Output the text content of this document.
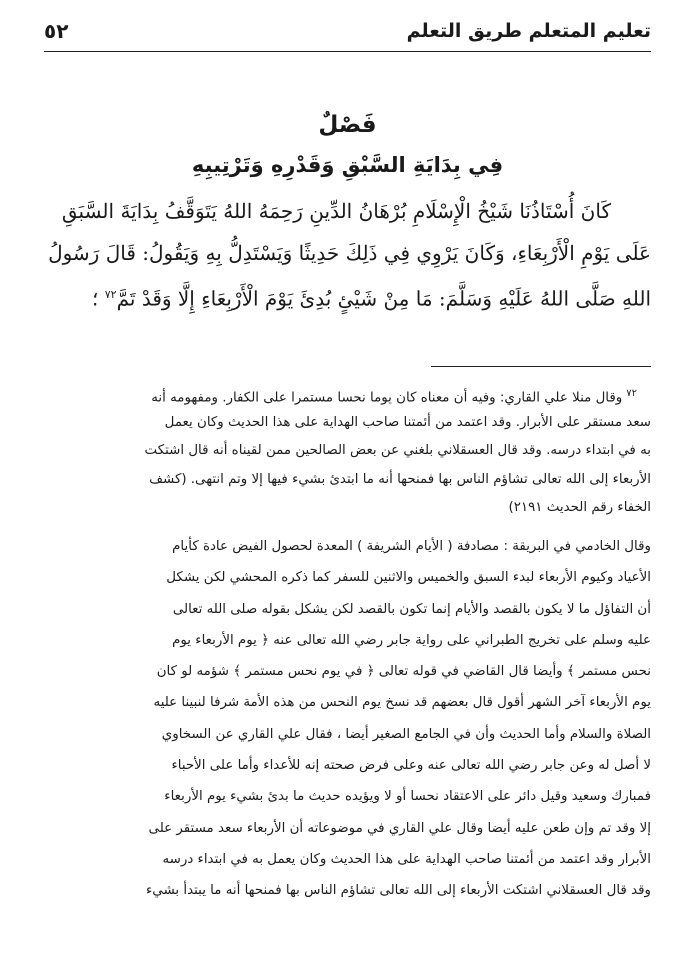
تعليم المتعلم طريق التعلم
٥٢
فَصْلٌ
فِي بِدَايَةِ السَّبْقِ وَقَدْرِهِ وَتَرْتِيبِهِ
كَانَ أُسْتَاذُنَا شَيْخُ الْإِسْلَامِ بُرْهَانُ الدِّينِ رَحِمَهُ اللهُ يَتَوَقَّفُ بِدَايَةَ السَّبَقِ
عَلَى يَوْمِ الْأَرْبِعَاءِ، وَكَانَ يَرْوِي فِي ذَلِكَ حَدِيثًا وَيَسْتَدِلُّ بِهِ وَيَقُولُ: قَالَ رَسُولُ
اللهِ صَلَّى اللهُ عَلَيْهِ وَسَلَّمَ: مَا مِنْ شَيْئٍ بُدِئَ يَوْمَ الْأَرْبِعَاءِ إِلَّا وَقَدْ تَمَّ$^{٧٢}$ ؛
$^{٧٢}$وقال منلا علي القاري: وفيه أن معناه كان يوما نحسا مستمرا على الكفار. ومفهومه أنه
سعد مستقر على الأبرار. وقد اعتمد من أئمتنا صاحب الهداية على هذا الحديث وكان يعمل
به في ابتداء درسه. وقد قال العسقلاني بلغني عن بعض الصالحين ممن لقيناه أنه قال اشتكت
الأربعاء إلى الله تعالى تشاؤم الناس بها فمنحها أنه ما ابتدئ بشيء فيها إلا وتم انتهى. (كشف
الخفاء رقم الحديث ٢١٩١)
وقال الخادمي في البريقة : مصادفة ( الأيام الشريفة ) المعدة لحصول الفيض عادة كأيام
الأعياد وكيوم الأربعاء لبدء السبق والخميس والاثنين للسفر كما ذكره المحشي لكن يشكل
أن التفاؤل ما لا يكون بالقصد والأيام إنما تكون بالقصد لكن يشكل بقوله صلى الله تعالى
عليه وسلم على تخريج الطبراني على رواية جابر رضي الله تعالى عنه ﴿ يوم الأربعاء يوم
نحس مستمر ﴾ وأيضا قال القاضي في قوله تعالى ﴿ في يوم نحس مستمر ﴾ شؤمه لو كان
يوم الأربعاء آخر الشهر أقول قال بعضهم قد نسخ يوم النحس من هذه الأمة شرفا لنبينا عليه
الصلاة والسلام وأما الحديث وأن في الجامع الصغير أيضا ، فقال علي القاري عن السخاوي
لا أصل له وعن جابر رضي الله تعالى عنه وعلى فرض صحته إنه للأعداء وأما على الأحباء
فمبارك وسعيد وقيل دائر على الاعتقاد نحسا أو لا ويؤيده حديث ما بدئ بشيء يوم الأربعاء
إلا وقد تم وإن طعن عليه أيضا وقال علي القاري في موضوعاته أن الأربعاء سعد مستقر على
الأبرار وقد اعتمد من أئمتنا صاحب الهداية على هذا الحديث وكان يعمل به في ابتداء درسه
وقد قال العسقلاني اشتكت الأربعاء إلى الله تعالى تشاؤم الناس بها فمنحها أنه ما يبتدأ بشيء
